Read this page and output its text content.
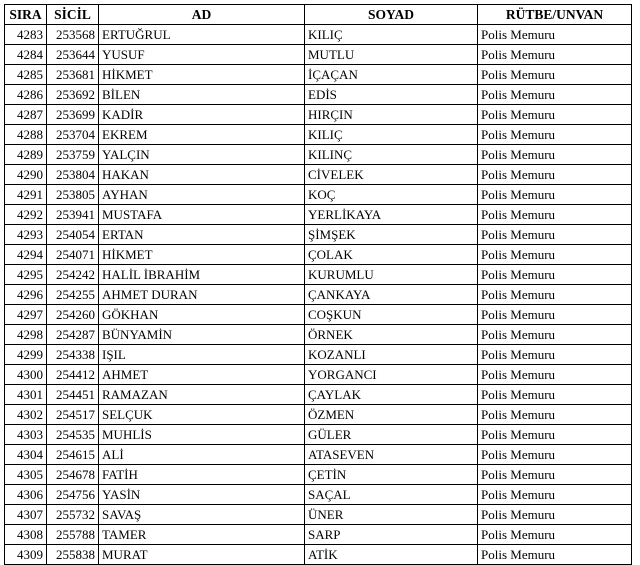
SIRA	SİCİL	AD	SOYAD	RÜTBE/UNVAN
4283	253568	ERTUĞRUL	KILIÇ	Polis Memuru
4284	253644	YUSUF	MUTLU	Polis Memuru
4285	253681	HİKMET	İÇAÇAN	Polis Memuru
4286	253692	BİLEN	EDİS	Polis Memuru
4287	253699	KADİR	HIRÇIN	Polis Memuru
4288	253704	EKREM	KILIÇ	Polis Memuru
4289	253759	YALÇIN	KILINÇ	Polis Memuru
4290	253804	HAKAN	CİVELEK	Polis Memuru
4291	253805	AYHAN	KOÇ	Polis Memuru
4292	253941	MUSTAFA	YERLİKAYA	Polis Memuru
4293	254054	ERTAN	ŞİMŞEK	Polis Memuru
4294	254071	HİKMET	ÇOLAK	Polis Memuru
4295	254242	HALİL İBRAHİM	KURUMLU	Polis Memuru
4296	254255	AHMET DURAN	ÇANKAYA	Polis Memuru
4297	254260	GÖKHAN	COŞKUN	Polis Memuru
4298	254287	BÜNYAMİN	ÖRNEK	Polis Memuru
4299	254338	IŞIL	KOZANLI	Polis Memuru
4300	254412	AHMET	YORGANCI	Polis Memuru
4301	254451	RAMAZAN	ÇAYLAK	Polis Memuru
4302	254517	SELÇUK	ÖZMEN	Polis Memuru
4303	254535	MUHLİS	GÜLER	Polis Memuru
4304	254615	ALİ	ATASEVEN	Polis Memuru
4305	254678	FATİH	ÇETİN	Polis Memuru
4306	254756	YASİN	SAÇAL	Polis Memuru
4307	255732	SAVAŞ	ÜNER	Polis Memuru
4308	255788	TAMER	SARP	Polis Memuru
4309	255838	MURAT	ATİK	Polis Memuru
